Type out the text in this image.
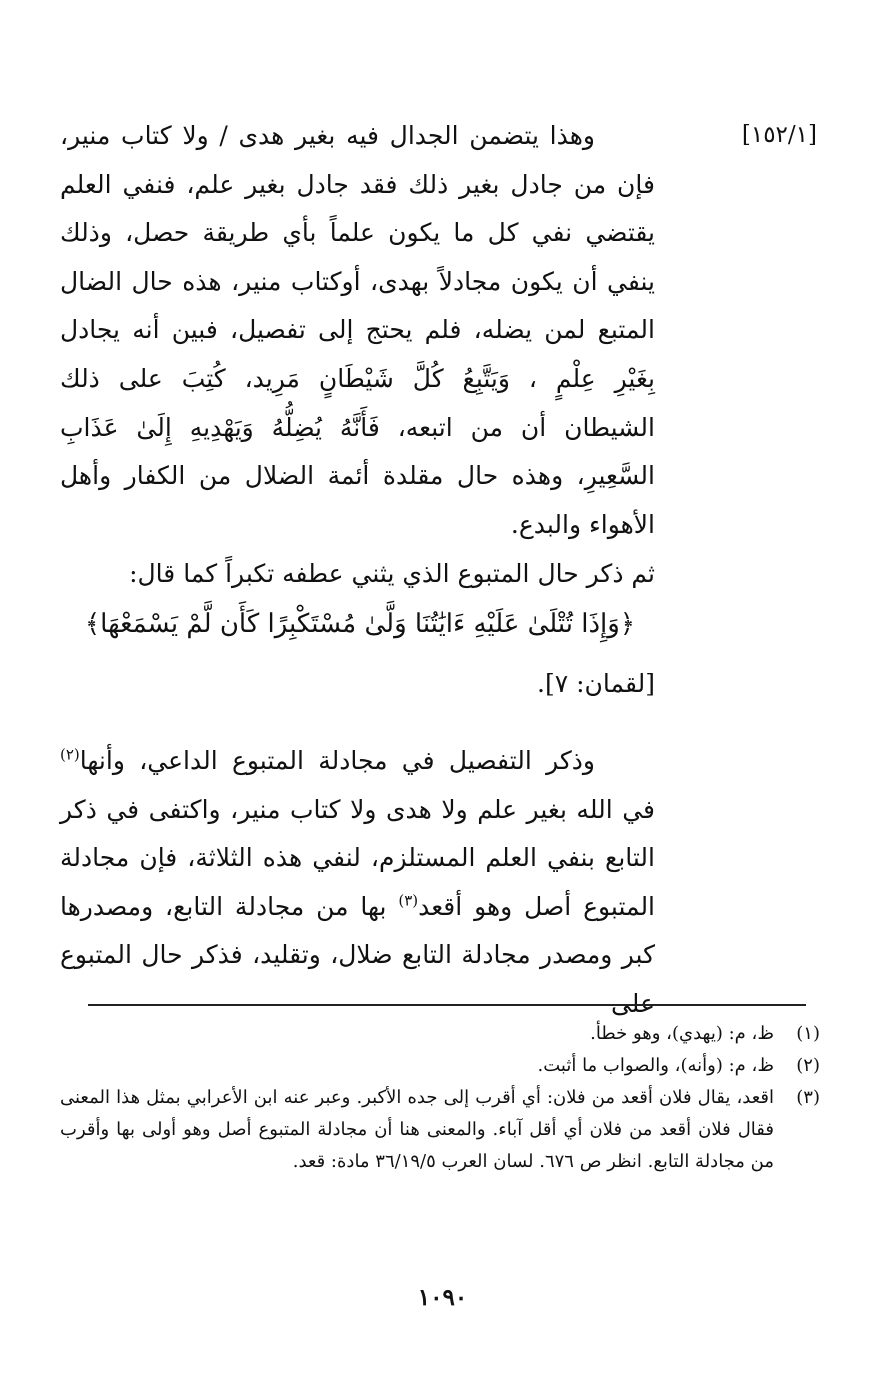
[١٥٢/١]
وهذا يتضمن الجدال فيه بغير هدى / ولا كتاب منير، فإن من جادل بغير ذلك فقد جادل بغير علم، فنفي العلم يقتضي نفي كل ما يكون علماً بأي طريقة حصل، وذلك ينفي أن يكون مجادلاً بهدى، أوكتاب منير، هذه حال الضال المتبع لمن يضله، فلم يحتج إلى تفصيل، فبين أنه يجادل بِغَيْرِ عِلْمٍ ، وَيَتَّبِعُ كُلَّ شَيْطَانٍ مَرِيد، كُتِبَ على ذلك الشيطان أن من اتبعه، فَأَنَّهُ يُضِلُّهُ وَيَهْدِيهِ إِلَىٰ عَذَابِ السَّعِيرِ، وهذه حال مقلدة أئمة الضلال من الكفار وأهل الأهواء والبدع.
ثم ذكر حال المتبوع الذي يثني عطفه تكبراً كما قال:
﴿وَإِذَا تُتْلَىٰ عَلَيْهِ ءَايَٰتُنَا وَلَّىٰ مُسْتَكْبِرًا كَأَن لَّمْ يَسْمَعْهَا﴾
[لقمان: ٧].
وذكر التفصيل في مجادلة المتبوع الداعي، وأنها$^{(٢)}$ في الله بغير علم ولا هدى ولا كتاب منير، واكتفى في ذكر التابع بنفي العلم المستلزم، لنفي هذه الثلاثة، فإن مجادلة المتبوع أصل وهو أقعد$^{(٣)}$ بها من مجادلة التابع، ومصدرها كبر ومصدر مجادلة التابع ضلال، وتقليد، فذكر حال المتبوع على
(١)
ظ، م: (يهدي)، وهو خطأ.
(٢)
ظ، م: (وأنه)، والصواب ما أثبت.
(٣)
اقعد، يقال فلان أقعد من فلان: أي أقرب إلى جده الأكبر. وعبر عنه ابن الأعرابي بمثل هذا المعنى فقال فلان أقعد من فلان أي أقل آباء. والمعنى هنا أن مجادلة المتبوع أصل وهو أولى بها وأقرب من مجادلة التابع. انظر ص ٦٧٦. لسان العرب ٣٦/١٩/٥ مادة: قعد.
١٠٩٠
